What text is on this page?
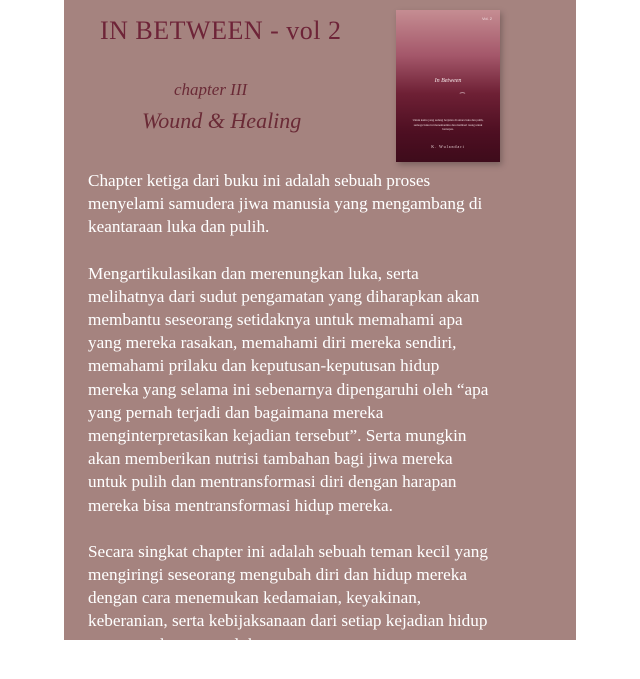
IN BETWEEN - vol 2
chapter III
Wound & Healing
Vol. 2
In Between
⁀
Untuk kamu yang sedang berjalan di antara luka dan pulih, semoga buku ini menemanimu dan memberi ruang untuk bernapas.
K. Wulandari
Chapter ketiga dari buku ini adalah sebuah proses
menyelami samudera jiwa manusia yang mengambang di
keantaraan luka dan pulih.
Mengartikulasikan dan merenungkan luka, serta
melihatnya dari sudut pengamatan yang diharapkan akan
membantu seseorang setidaknya untuk memahami apa
yang mereka rasakan, memahami diri mereka sendiri,
memahami prilaku dan keputusan-keputusan hidup
mereka yang selama ini sebenarnya dipengaruhi oleh “apa
yang pernah terjadi dan bagaimana mereka
menginterpretasikan kejadian tersebut”. Serta mungkin
akan memberikan nutrisi tambahan bagi jiwa mereka
untuk pulih dan mentransformasi diri dengan harapan
mereka bisa mentransformasi hidup mereka.
Secara singkat chapter ini adalah sebuah teman kecil yang
mengiringi seseorang mengubah diri dan hidup mereka
dengan cara menemukan kedamaian, keyakinan,
keberanian, serta kebijaksanaan dari setiap kejadian hidup
yang mereka anggap luka.
